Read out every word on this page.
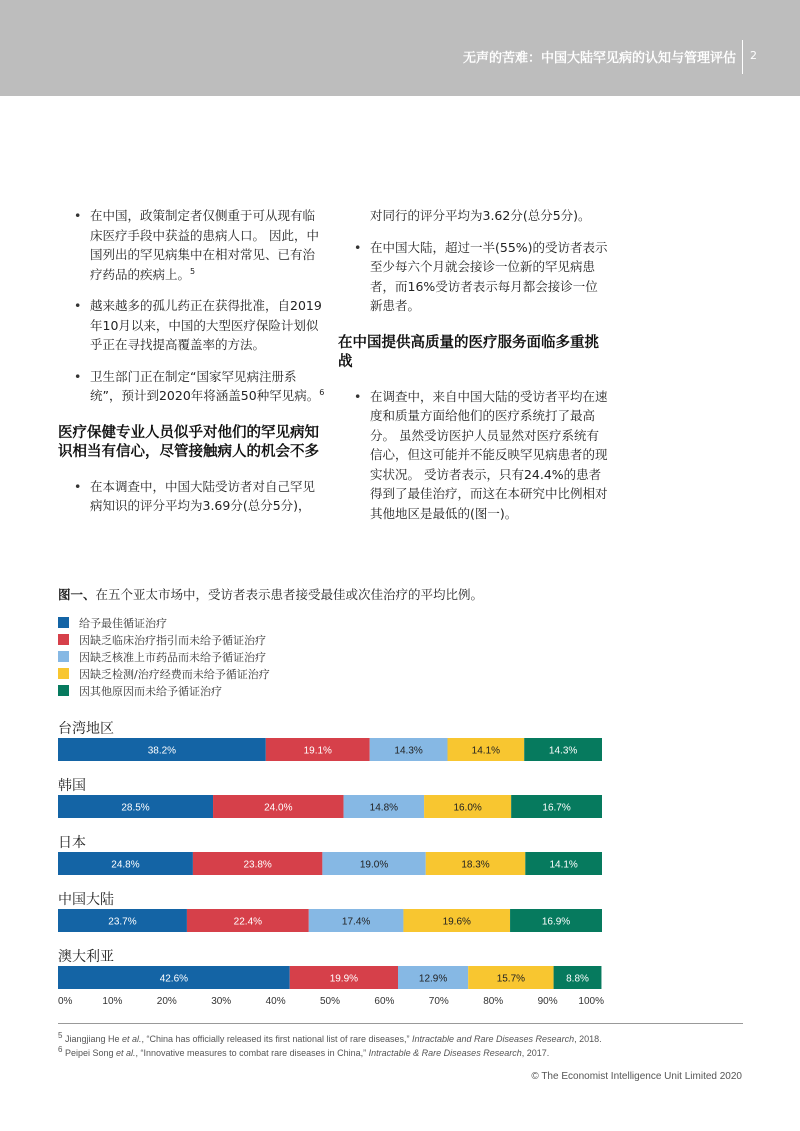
无声的苦难：中国大陆罕见病的认知与管理评估 2
• 在中国，政策制定者仅侧重于可从现有临床医疗手段中获益的患病人口。 因此，中国列出的罕见病集中在相对常见、已有治疗药品的疾病上。$^5$
• 越来越多的孤儿药正在获得批准，自2019年10月以来，中国的大型医疗保险计划似乎正在寻找提高覆盖率的方法。
• 卫生部门正在制定“国家罕见病注册系统”，预计到2020年将涵盖50种罕见病。$^6$
医疗保健专业人员似乎对他们的罕见病知识相当有信心，尽管接触病人的机会不多
• 在本调查中，中国大陆受访者对自己罕见病知识的评分平均为3.69分(总分5分)，
对同行的评分平均为3.62分(总分5分)。
• 在中国大陆，超过一半(55%)的受访者表示至少每六个月就会接诊一位新的罕见病患者，而16%受访者表示每月都会接诊一位新患者。
在中国提供高质量的医疗服务面临多重挑战
• 在调查中，来自中国大陆的受访者平均在速度和质量方面给他们的医疗系统打了最高分。 虽然受访医护人员显然对医疗系统有信心，但这可能并不能反映罕见病患者的现实状况。 受访者表示，只有24.4%的患者得到了最佳治疗，而这在本研究中比例相对其他地区是最低的(图一)。
图一、在五个亚太市场中，受访者表示患者接受最佳或次佳治疗的平均比例。
给予最佳循证治疗
因缺乏临床治疗指引而未给予循证治疗
因缺乏核准上市药品而未给予循证治疗
因缺乏检测/治疗经费而未给予循证治疗
因其他原因而未给予循证治疗
台湾地区
38.2%	19.1%	14.3%	14.1%	14.3%
韩国
28.5%	24.0%	14.8%	16.0%	16.7%
日本
24.8%	23.8%	19.0%	18.3%	14.1%
中国大陆
23.7%	22.4%	17.4%	19.6%	16.9%
澳大利亚
42.6%	19.9%	12.9%	15.7%	8.8%
0%	10%	20%	30%	40%	50%	60%	70%	80%	90% 100%
5 Jiangjiang He et al., “China has officially released its first national list of rare diseases,” Intractable and Rare Diseases Research, 2018.
6 Peipei Song et al., “Innovative measures to combat rare diseases in China,” Intractable & Rare Diseases Research, 2017.
© The Economist Intelligence Unit Limited 2020
